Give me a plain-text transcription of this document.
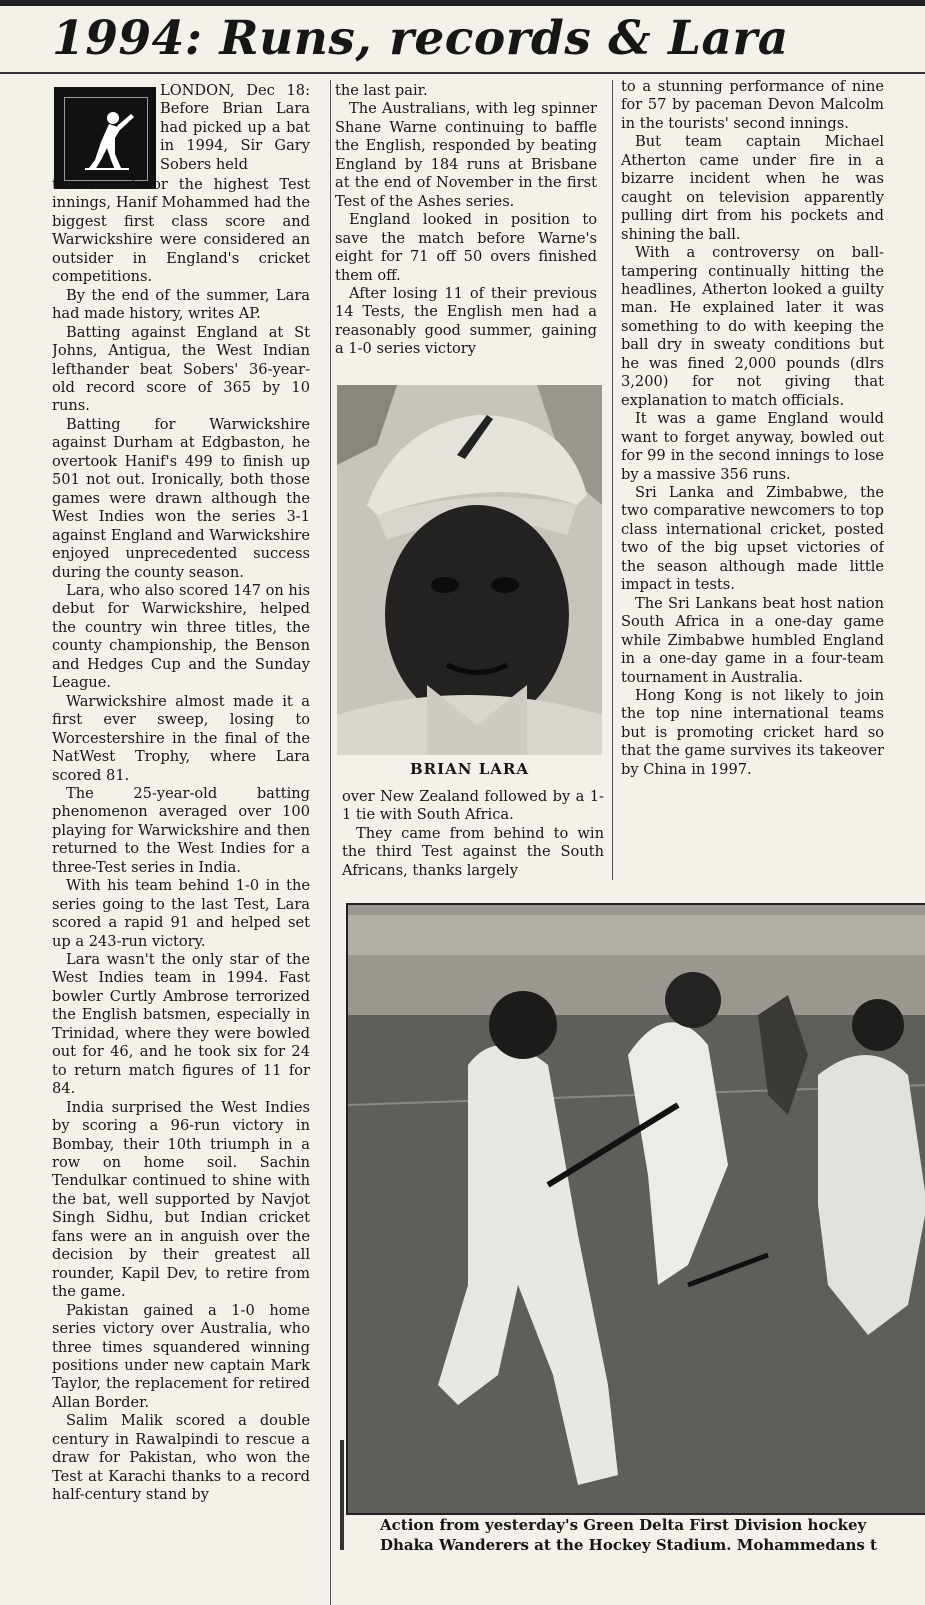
1994: Runs, records & Lara

LONDON, Dec 18: Before Brian Lara had picked up a bat in 1994, Sir Gary Sobers held

the record for the highest Test innings, Hanif Mohammed had the biggest first class score and Warwickshire were considered an outsider in England's cricket competitions.

By the end of the summer, Lara had made history, writes AP.

Batting against England at St Johns, Antigua, the West Indian lefthander beat Sobers' 36-year-old record score of 365 by 10 runs.

Batting for Warwickshire against Durham at Edgbaston, he overtook Hanif's 499 to finish up 501 not out. Ironically, both those games were drawn although the West Indies won the series 3-1 against England and Warwickshire enjoyed unprecedented success during the county season.

Lara, who also scored 147 on his debut for Warwickshire, helped the country win three titles, the county championship, the Benson and Hedges Cup and the Sunday League.

Warwickshire almost made it a first ever sweep, losing to Worcestershire in the final of the NatWest Trophy, where Lara scored 81.

The 25-year-old batting phenomenon averaged over 100 playing for Warwickshire and then returned to the West Indies for a three-Test series in India.

With his team behind 1-0 in the series going to the last Test, Lara scored a rapid 91 and helped set up a 243-run victory.

Lara wasn't the only star of the West Indies team in 1994. Fast bowler Curtly Ambrose terrorized the English batsmen, especially in Trinidad, where they were bowled out for 46, and he took six for 24 to return match figures of 11 for 84.

India surprised the West Indies by scoring a 96-run victory in Bombay, their 10th triumph in a row on home soil. Sachin Tendulkar continued to shine with the bat, well supported by Navjot Singh Sidhu, but Indian cricket fans were an in anguish over the decision by their greatest all rounder, Kapil Dev, to retire from the game.

Pakistan gained a 1-0 home series victory over Australia, who three times squandered winning positions under new captain Mark Taylor, the replacement for retired Allan Border.

Salim Malik scored a double century in Rawalpindi to rescue a draw for Pakistan, who won the Test at Karachi thanks to a record half-century stand by

the last pair.

The Australians, with leg spinner Shane Warne continuing to baffle the English, responded by beating England by 184 runs at Brisbane at the end of November in the first Test of the Ashes series.

England looked in position to save the match before Warne's eight for 71 off 50 overs finished them off.

After losing 11 of their previous 14 Tests, the English men had a reasonably good summer, gaining a 1-0 series victory

BRIAN LARA

over New Zealand followed by a 1-1 tie with South Africa.

They came from behind to win the third Test against the South Africans, thanks largely

to a stunning performance of nine for 57 by paceman Devon Malcolm in the tourists' second innings.

But team captain Michael Atherton came under fire in a bizarre incident when he was caught on television apparently pulling dirt from his pockets and shining the ball.

With a controversy on ball-tampering continually hitting the headlines, Atherton looked a guilty man. He explained later it was something to do with keeping the ball dry in sweaty conditions but he was fined 2,000 pounds (dlrs 3,200) for not giving that explanation to match officials.

It was a game England would want to forget anyway, bowled out for 99 in the second innings to lose by a massive 356 runs.

Sri Lanka and Zimbabwe, the two comparative newcomers to top class international cricket, posted two of the big upset victories of the season although made little impact in tests.

The Sri Lankans beat host nation South Africa in a one-day game while Zimbabwe humbled England in a one-day game in a four-team tournament in Australia.

Hong Kong is not likely to join the top nine international teams but is promoting cricket hard so that the game survives its takeover by China in 1997.

Action from yesterday's Green Delta First Division hockey
Dhaka Wanderers at the Hockey Stadium. Mohammedans t
